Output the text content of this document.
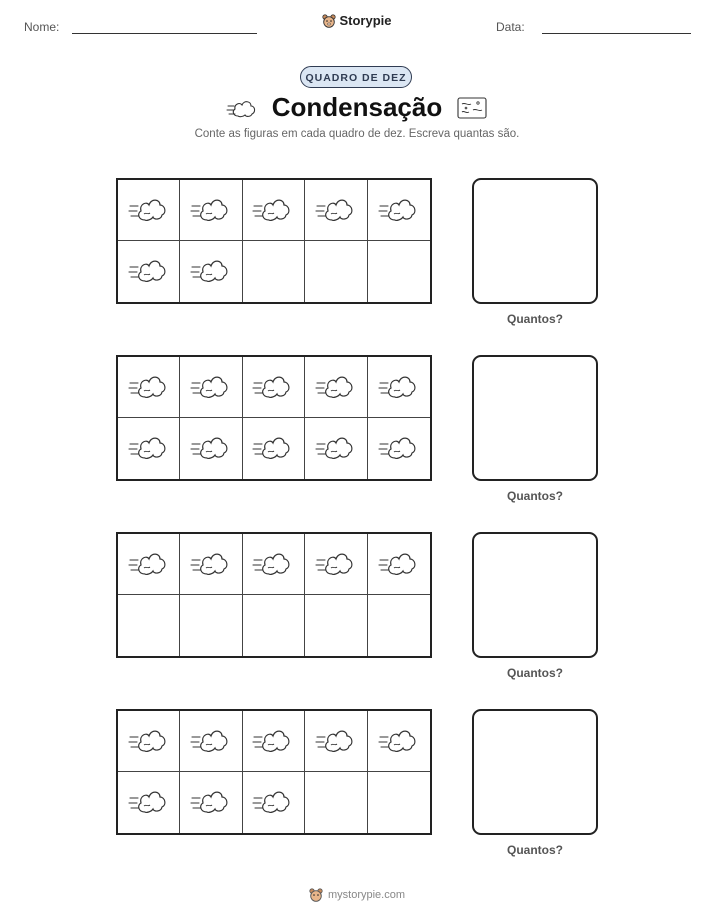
Nome:	Storypie	Data:
QUADRO DE DEZ
Condensação
Conte as figuras em cada quadro de dez. Escreva quantas são.
Quantos?
Quantos?
Quantos?
Quantos?
mystorypie.com
